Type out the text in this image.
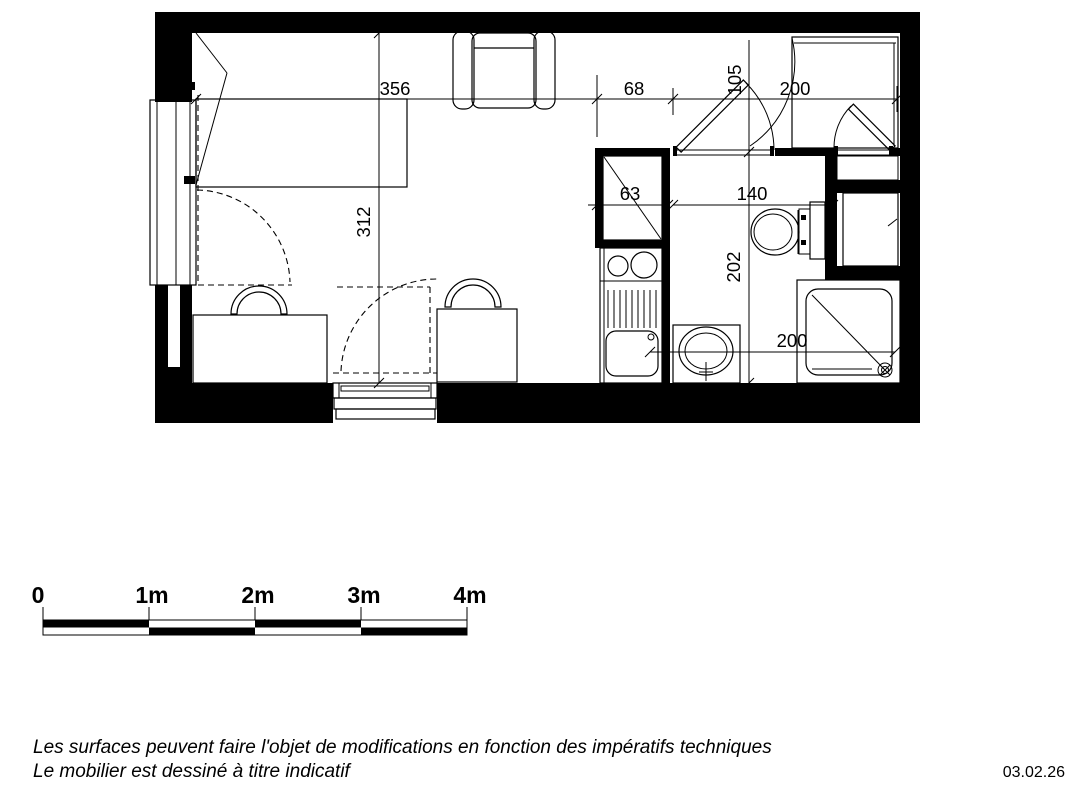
356	68	105 200
63	140
202
312
200
0	1m	2m	3m	4m
Les surfaces peuvent faire l'objet de modifications en fonction des impératifs techniques
Le mobilier est dessiné à titre indicatif	03.02.26
